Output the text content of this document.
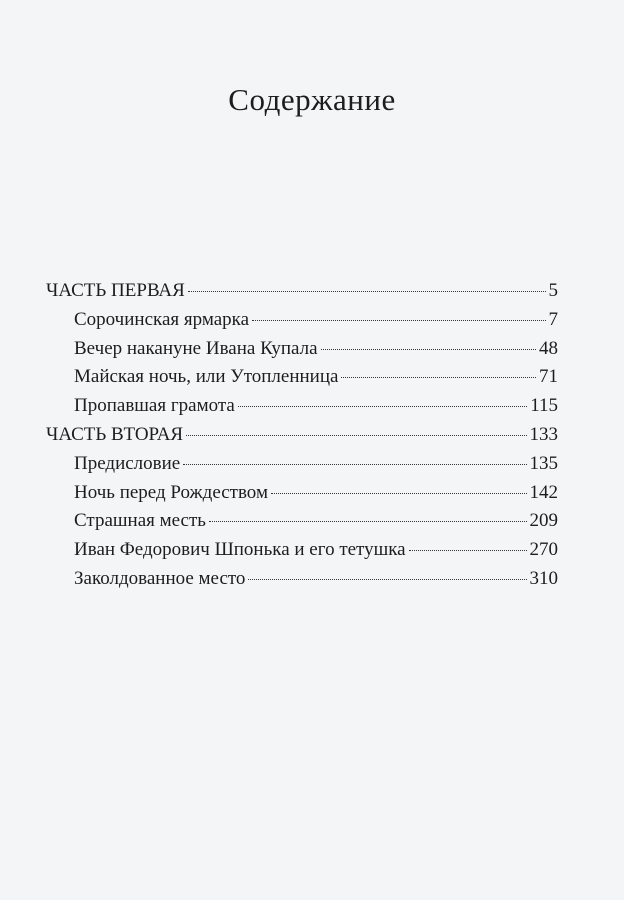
Содержание
ЧАСТЬ ПЕРВАЯ	5
Сорочинская ярмарка	7
Вечер накануне Ивана Купала	48
Майская ночь, или Утопленница	71
Пропавшая грамота	115
ЧАСТЬ ВТОРАЯ	133
Предисловие	135
Ночь перед Рождеством	142
Страшная месть	209
Иван Федорович Шпонька и его тетушка	270
Заколдованное место	310
